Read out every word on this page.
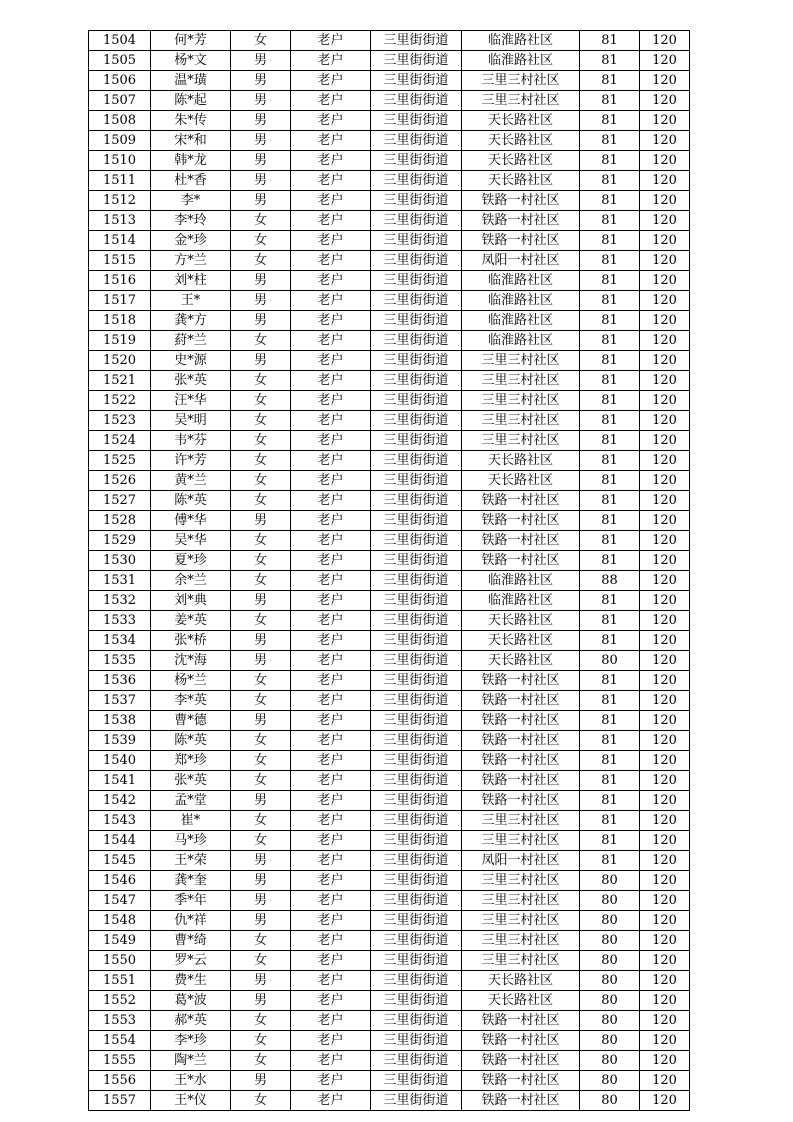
1504	何*芳	女	老户	三里街街道	临淮路社区	81	120
1505	杨*文	男	老户	三里街街道	临淮路社区	81	120
1506	温*璜	男	老户	三里街街道	三里三村社区	81	120
1507	陈*起	男	老户	三里街街道	三里三村社区	81	120
1508	朱*传	男	老户	三里街街道	天长路社区	81	120
1509	宋*和	男	老户	三里街街道	天长路社区	81	120
1510	韩*龙	男	老户	三里街街道	天长路社区	81	120
1511	杜*香	男	老户	三里街街道	天长路社区	81	120
1512	李*	男	老户	三里街街道	铁路一村社区	81	120
1513	李*玲	女	老户	三里街街道	铁路一村社区	81	120
1514	金*珍	女	老户	三里街街道	铁路一村社区	81	120
1515	方*兰	女	老户	三里街街道	凤阳一村社区	81	120
1516	刘*柱	男	老户	三里街街道	临淮路社区	81	120
1517	王*	男	老户	三里街街道	临淮路社区	81	120
1518	龚*方	男	老户	三里街街道	临淮路社区	81	120
1519	葤*兰	女	老户	三里街街道	临淮路社区	81	120
1520	史*源	男	老户	三里街街道	三里三村社区	81	120
1521	张*英	女	老户	三里街街道	三里三村社区	81	120
1522	汪*华	女	老户	三里街街道	三里三村社区	81	120
1523	吴*明	女	老户	三里街街道	三里三村社区	81	120
1524	韦*芬	女	老户	三里街街道	三里三村社区	81	120
1525	许*芳	女	老户	三里街街道	天长路社区	81	120
1526	黄*兰	女	老户	三里街街道	天长路社区	81	120
1527	陈*英	女	老户	三里街街道	铁路一村社区	81	120
1528	傅*华	男	老户	三里街街道	铁路一村社区	81	120
1529	吴*华	女	老户	三里街街道	铁路一村社区	81	120
1530	夏*珍	女	老户	三里街街道	铁路一村社区	81	120
1531	余*兰	女	老户	三里街街道	临淮路社区	88	120
1532	刘*典	男	老户	三里街街道	临淮路社区	81	120
1533	姜*英	女	老户	三里街街道	天长路社区	81	120
1534	张*桥	男	老户	三里街街道	天长路社区	81	120
1535	沈*海	男	老户	三里街街道	天长路社区	80	120
1536	杨*兰	女	老户	三里街街道	铁路一村社区	81	120
1537	李*英	女	老户	三里街街道	铁路一村社区	81	120
1538	曹*德	男	老户	三里街街道	铁路一村社区	81	120
1539	陈*英	女	老户	三里街街道	铁路一村社区	81	120
1540	郑*珍	女	老户	三里街街道	铁路一村社区	81	120
1541	张*英	女	老户	三里街街道	铁路一村社区	81	120
1542	孟*堂	男	老户	三里街街道	铁路一村社区	81	120
1543	崔*	女	老户	三里街街道	三里三村社区	81	120
1544	马*珍	女	老户	三里街街道	三里三村社区	81	120
1545	王*荣	男	老户	三里街街道	凤阳一村社区	81	120
1546	龚*奎	男	老户	三里街街道	三里三村社区	80	120
1547	季*年	男	老户	三里街街道	三里三村社区	80	120
1548	仇*祥	男	老户	三里街街道	三里三村社区	80	120
1549	曹*绮	女	老户	三里街街道	三里三村社区	80	120
1550	罗*云	女	老户	三里街街道	三里三村社区	80	120
1551	费*生	男	老户	三里街街道	天长路社区	80	120
1552	葛*波	男	老户	三里街街道	天长路社区	80	120
1553	郝*英	女	老户	三里街街道	铁路一村社区	80	120
1554	李*珍	女	老户	三里街街道	铁路一村社区	80	120
1555	陶*兰	女	老户	三里街街道	铁路一村社区	80	120
1556	王*水	男	老户	三里街街道	铁路一村社区	80	120
1557	王*仪	女	老户	三里街街道	铁路一村社区	80	120
